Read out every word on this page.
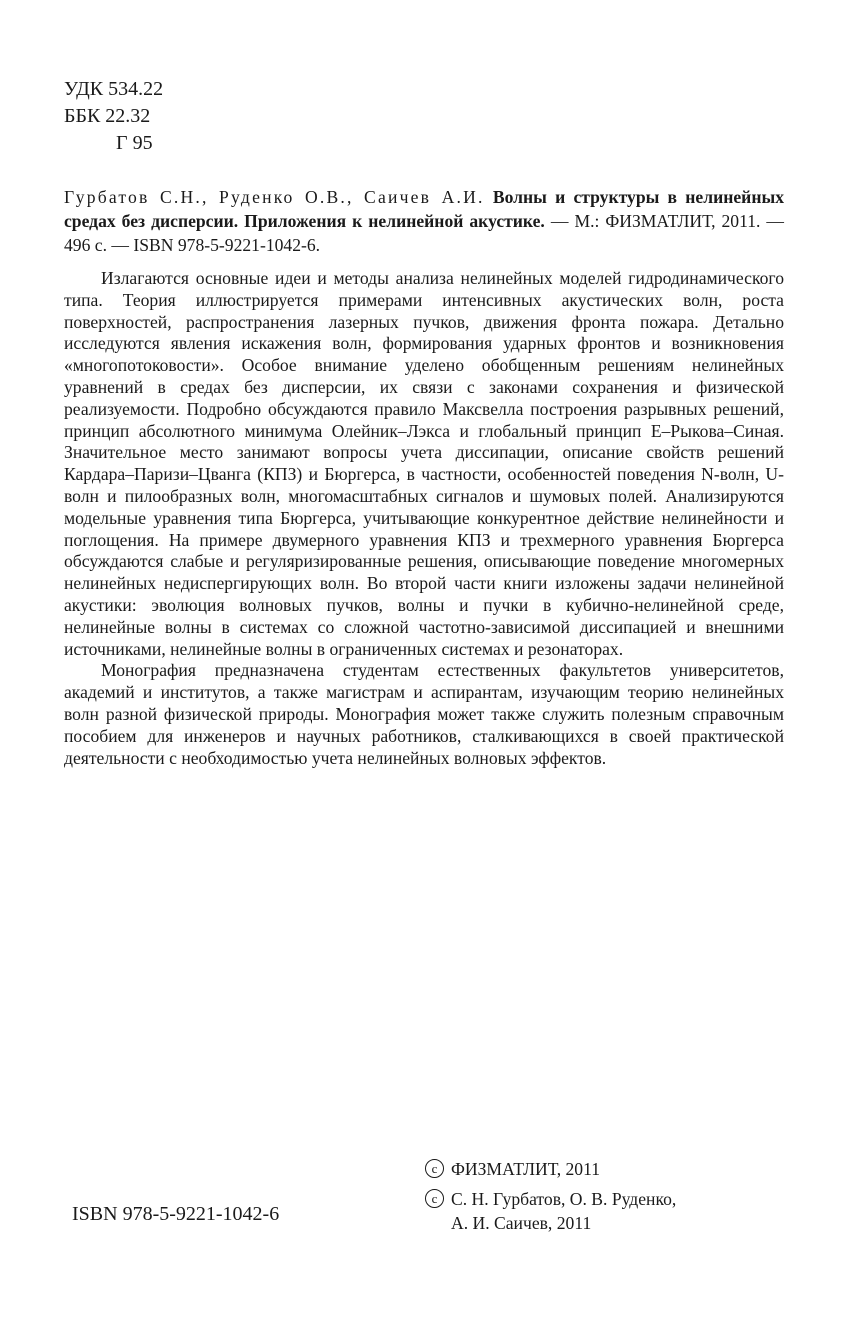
УДК 534.22
ББК 22.32
Г 95
Гурбатов С.Н., Руденко О.В., Саичев А.И. Волны и структуры в нелинейных средах без дисперсии. Приложения к нелинейной акустике. — М.: ФИЗМАТЛИТ, 2011. — 496 с. — ISBN 978-5-9221-1042-6.

Излагаются основные идеи и методы анализа нелинейных моделей гидродинамического типа. Теория иллюстрируется примерами интенсивных акустических волн, роста поверхностей, распространения лазерных пучков, движения фронта пожара. Детально исследуются явления искажения волн, формирования ударных фронтов и возникновения «многопотоковости». Особое внимание уделено обобщенным решениям нелинейных уравнений в средах без дисперсии, их связи с законами сохранения и физической реализуемости. Подробно обсуждаются правило Максвелла построения разрывных решений, принцип абсолютного минимума Олейник–Лэкса и глобальный принцип Е–Рыкова–Синая. Значительное место занимают вопросы учета диссипации, описание свойств решений Кардара–Паризи–Цванга (КПЗ) и Бюргерса, в частности, особенностей поведения N-волн, U-волн и пилообразных волн, многомасштабных сигналов и шумовых полей. Анализируются модельные уравнения типа Бюргерса, учитывающие конкурентное действие нелинейности и поглощения. На примере двумерного уравнения КПЗ и трехмерного уравнения Бюргерса обсуждаются слабые и регуляризированные решения, описывающие поведение многомерных нелинейных недиспергирующих волн. Во второй части книги изложены задачи нелинейной акустики: эволюция волновых пучков, волны и пучки в кубично-нелинейной среде, нелинейные волны в системах со сложной частотно-зависимой диссипацией и внешними источниками, нелинейные волны в ограниченных системах и резонаторах.

Монография предназначена студентам естественных факультетов университетов, академий и институтов, а также магистрам и аспирантам, изучающим теорию нелинейных волн разной физической природы. Монография может также служить полезным справочным пособием для инженеров и научных работников, сталкивающихся в своей практической деятельности с необходимостью учета нелинейных волновых эффектов.

ISBN 978-5-9221-1042-6
c ФИЗМАТЛИТ, 2011
c С. Н. Гурбатов, О. В. Руденко,
А. И. Саичев, 2011
